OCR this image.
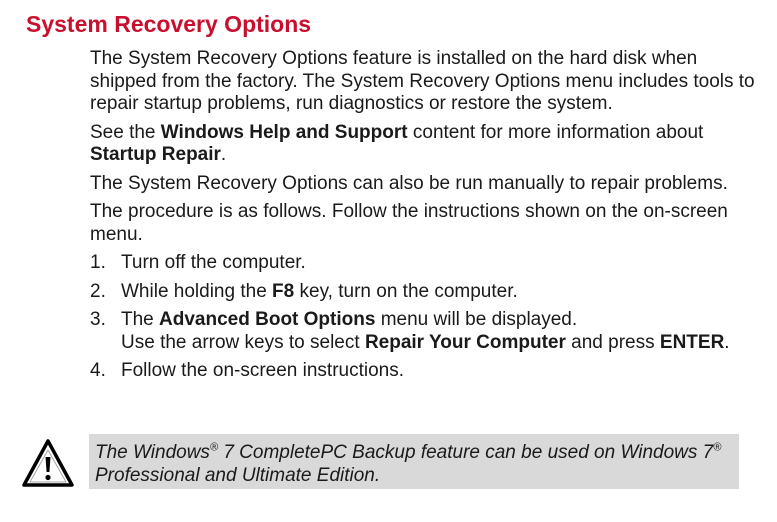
System Recovery Options

The System Recovery Options feature is installed on the hard disk when shipped from the factory. The System Recovery Options menu includes tools to repair startup problems, run diagnostics or restore the system.

See the Windows Help and Support content for more information about Startup Repair.

The System Recovery Options can also be run manually to repair problems.

The procedure is as follows. Follow the instructions shown on the on-screen menu.

1. Turn off the computer.
2. While holding the F8 key, turn on the computer.
3. The Advanced Boot Options menu will be displayed.
Use the arrow keys to select Repair Your Computer and press ENTER.
4. Follow the on-screen instructions.
The Windows® 7 CompletePC Backup feature can be used on Windows 7® Professional and Ultimate Edition.
